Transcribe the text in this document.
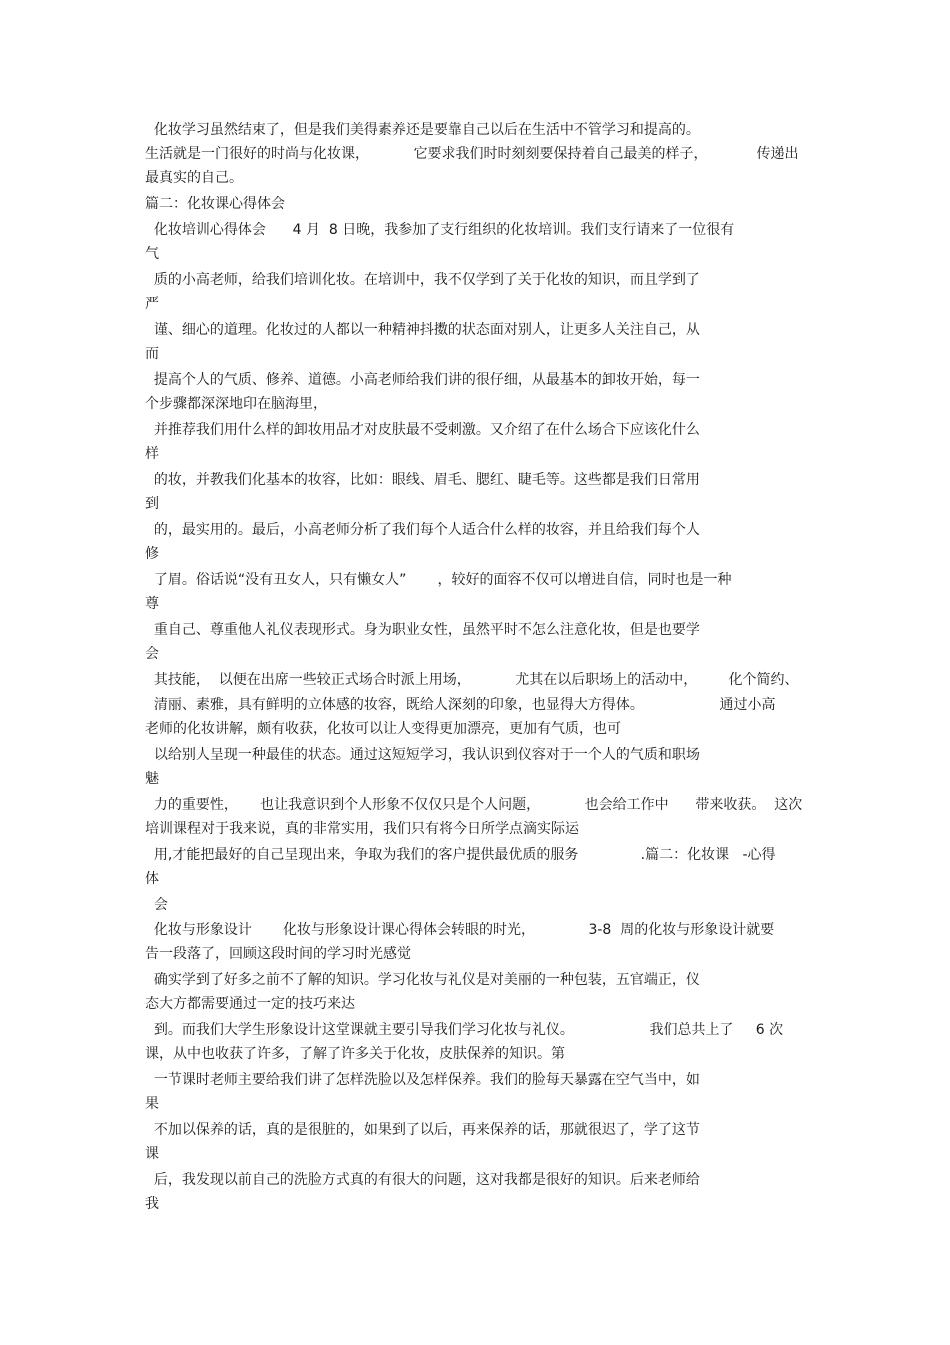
化妆学习虽然结束了，但是我们美得素养还是要靠自己以后在生活中不管学习和提高的。
生活就是一门很好的时尚与化妆课，          它要求我们时时刻刻要保持着自己最美的样子，           传递出
最真实的自己。
篇二：化妆课心得体会
化妆培训心得体会      4 月  8 日晚，我参加了支行组织的化妆培训。我们支行请来了一位很有
气
质的小高老师，给我们培训化妆。在培训中，我不仅学到了关于化妆的知识，而且学到了
严
谨、细心的道理。化妆过的人都以一种精神抖擞的状态面对别人，让更多人关注自己，从
而
提高个人的气质、修养、道德。小高老师给我们讲的很仔细，从最基本的卸妆开始，每一
个步骤都深深地印在脑海里，
并推荐我们用什么样的卸妆用品才对皮肤最不受刺激。又介绍了在什么场合下应该化什么
样
的妆，并教我们化基本的妆容，比如：眼线、眉毛、腮红、睫毛等。这些都是我们日常用
到
的，最实用的。最后，小高老师分析了我们每个人适合什么样的妆容，并且给我们每个人
修
了眉。俗话说“没有丑女人，只有懒女人”       ，较好的面容不仅可以增进自信，同时也是一种
尊
重自己、尊重他人礼仪表现形式。身为职业女性，虽然平时不怎么注意化妆，但是也要学
会
其技能，  以便在出席一些较正式场合时派上用场，          尤其在以后职场上的活动中，       化个简约、
清丽、素雅，具有鲜明的立体感的妆容，既给人深刻的印象，也显得大方得体。                 通过小高
老师的化妆讲解，颇有收获，化妆可以让人变得更加漂亮，更加有气质，也可
以给别人呈现一种最佳的状态。通过这短短学习，我认识到仪容对于一个人的气质和职场
魅
力的重要性，     也让我意识到个人形象不仅仅只是个人问题，          也会给工作中      带来收获。  这次
培训课程对于我来说，真的非常实用，我们只有将今日所学点滴实际运
用,才能把最好的自己呈现出来，争取为我们的客户提供最优质的服务              .篇二：化妆课   -心得
体
会
化妆与形象设计       化妆与形象设计课心得体会转眼的时光，            3-8  周的化妆与形象设计就要
告一段落了，回顾这段时间的学习时光感觉
确实学到了好多之前不了解的知识。学习化妆与礼仪是对美丽的一种包装，五官端正，仪
态大方都需要通过一定的技巧来达
到。而我们大学生形象设计这堂课就主要引导我们学习化妆与礼仪。                 我们总共上了     6 次
课，从中也收获了许多，了解了许多关于化妆，皮肤保养的知识。第
一节课时老师主要给我们讲了怎样洗脸以及怎样保养。我们的脸每天暴露在空气当中，如
果
不加以保养的话，真的是很脏的，如果到了以后，再来保养的话，那就很迟了，学了这节
课
后，我发现以前自己的洗脸方式真的有很大的问题，这对我都是很好的知识。后来老师给
我
